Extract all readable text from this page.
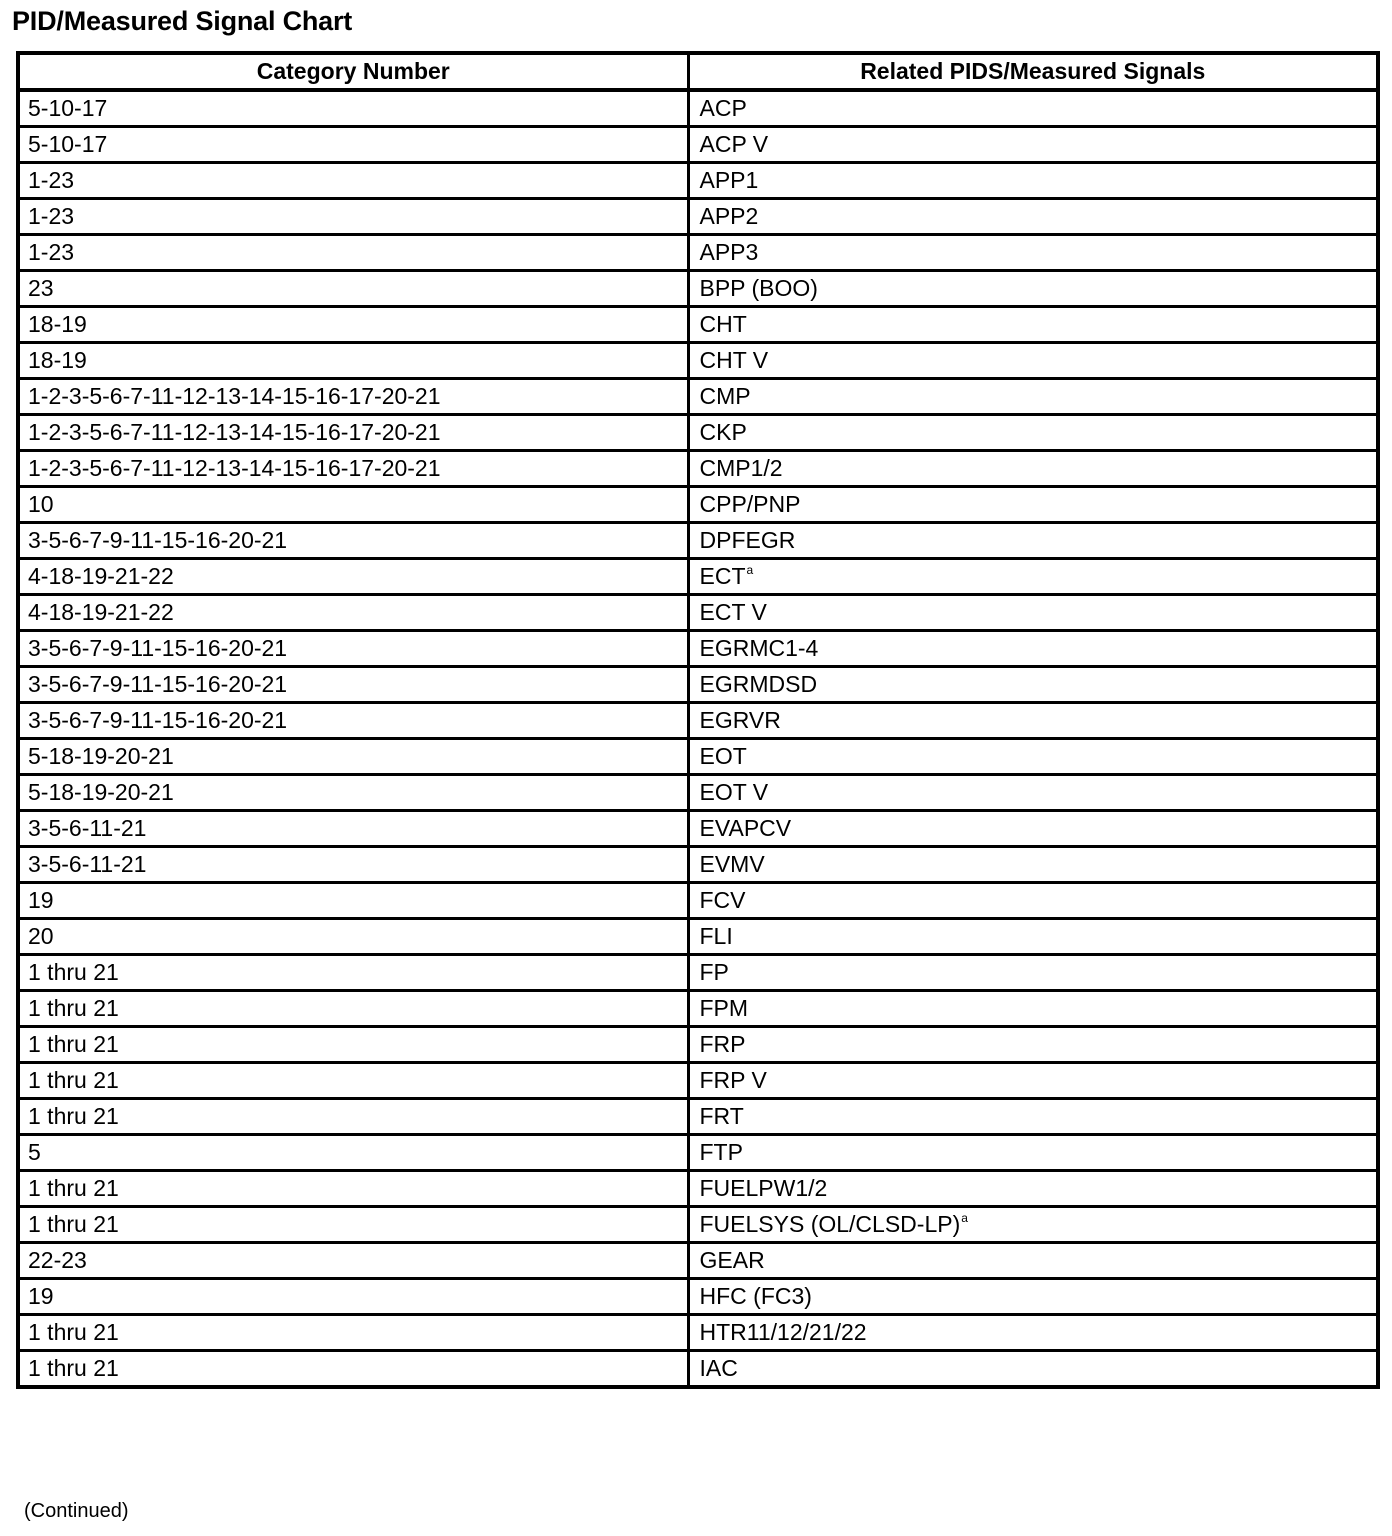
PID/Measured Signal Chart
Category Number	Related PIDS/Measured Signals
5-10-17	ACP
5-10-17	ACP V
1-23	APP1
1-23	APP2
1-23	APP3
23	BPP (BOO)
18-19	CHT
18-19	CHT V
1-2-3-5-6-7-11-12-13-14-15-16-17-20-21	CMP
1-2-3-5-6-7-11-12-13-14-15-16-17-20-21	CKP
1-2-3-5-6-7-11-12-13-14-15-16-17-20-21	CMP1/2
10	CPP/PNP
3-5-6-7-9-11-15-16-20-21	DPFEGR
4-18-19-21-22	ECT$^a$
4-18-19-21-22	ECT V
3-5-6-7-9-11-15-16-20-21	EGRMC1-4
3-5-6-7-9-11-15-16-20-21	EGRMDSD
3-5-6-7-9-11-15-16-20-21	EGRVR
5-18-19-20-21	EOT
5-18-19-20-21	EOT V
3-5-6-11-21	EVAPCV
3-5-6-11-21	EVMV
19	FCV
20	FLI
1 thru 21	FP
1 thru 21	FPM
1 thru 21	FRP
1 thru 21	FRP V
1 thru 21	FRT
5	FTP
1 thru 21	FUELPW1/2
1 thru 21	FUELSYS (OL/CLSD-LP)$^a$
22-23	GEAR
19	HFC (FC3)
1 thru 21	HTR11/12/21/22
1 thru 21	IAC
(Continued)
